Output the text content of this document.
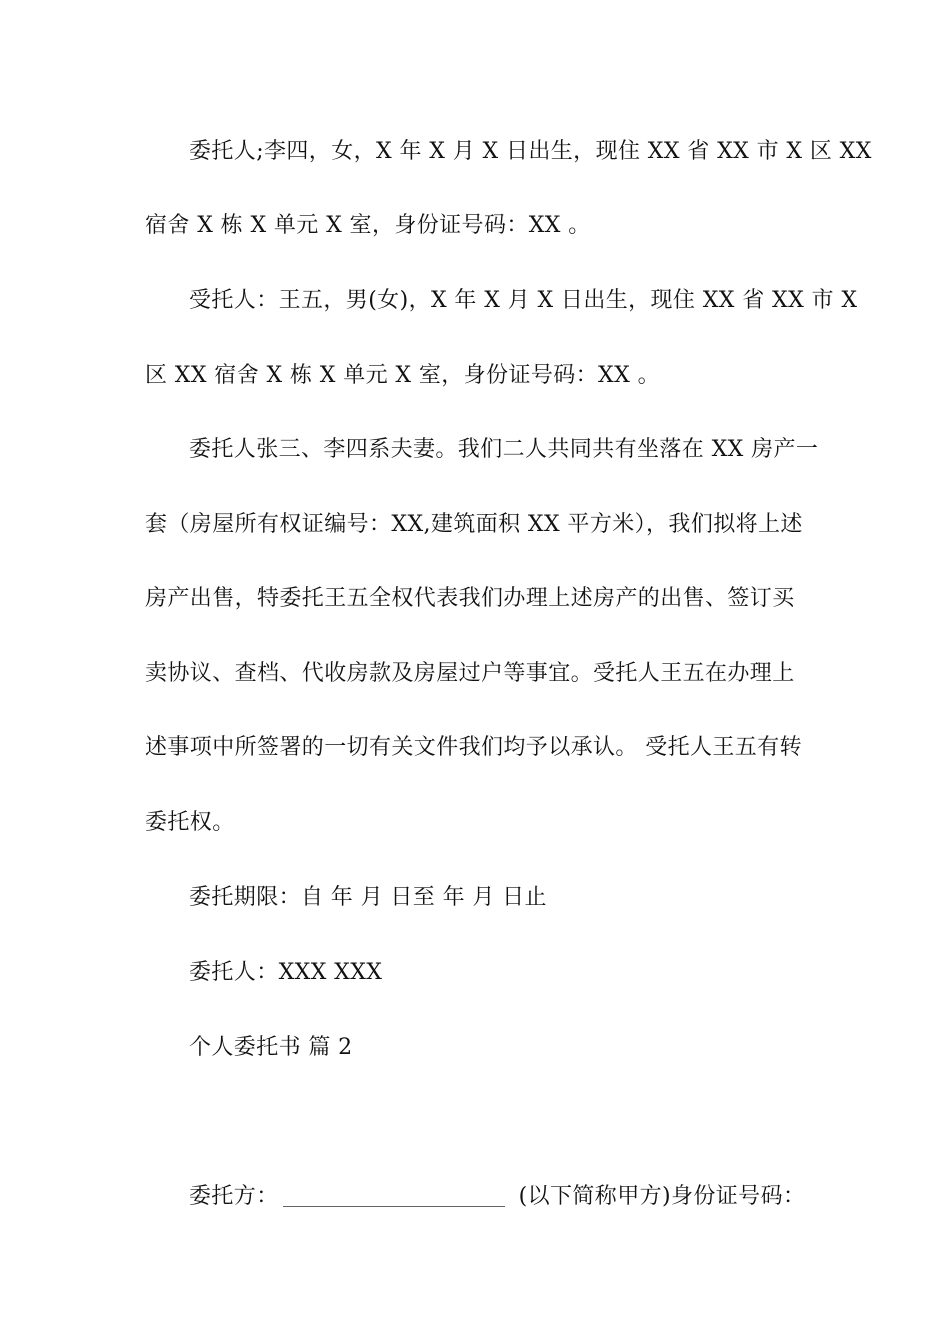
委托人;李四，女，X 年 X 月 X 日出生，现住 XX 省 XX 市 X 区 XX
宿舍 X 栋 X 单元 X 室，身份证号码：XX 。
受托人：王五，男(女)，X 年 X 月 X 日出生，现住 XX 省 XX 市 X
区 XX 宿舍 X 栋 X 单元 X 室，身份证号码：XX 。
委托人张三、李四系夫妻。我们二人共同共有坐落在 XX 房产一
套（房屋所有权证编号：XX,建筑面积 XX 平方米），我们拟将上述
房产出售，特委托王五全权代表我们办理上述房产的出售、签订买
卖协议、查档、代收房款及房屋过户等事宜。受托人王五在办理上
述事项中所签署的一切有关文件我们均予以承认。 受托人王五有转
委托权。
委托期限：自 年 月 日至 年 月 日止
委托人：XXX XXX
个人委托书 篇 2
委托方：	(以下简称甲方)身份证号码：
